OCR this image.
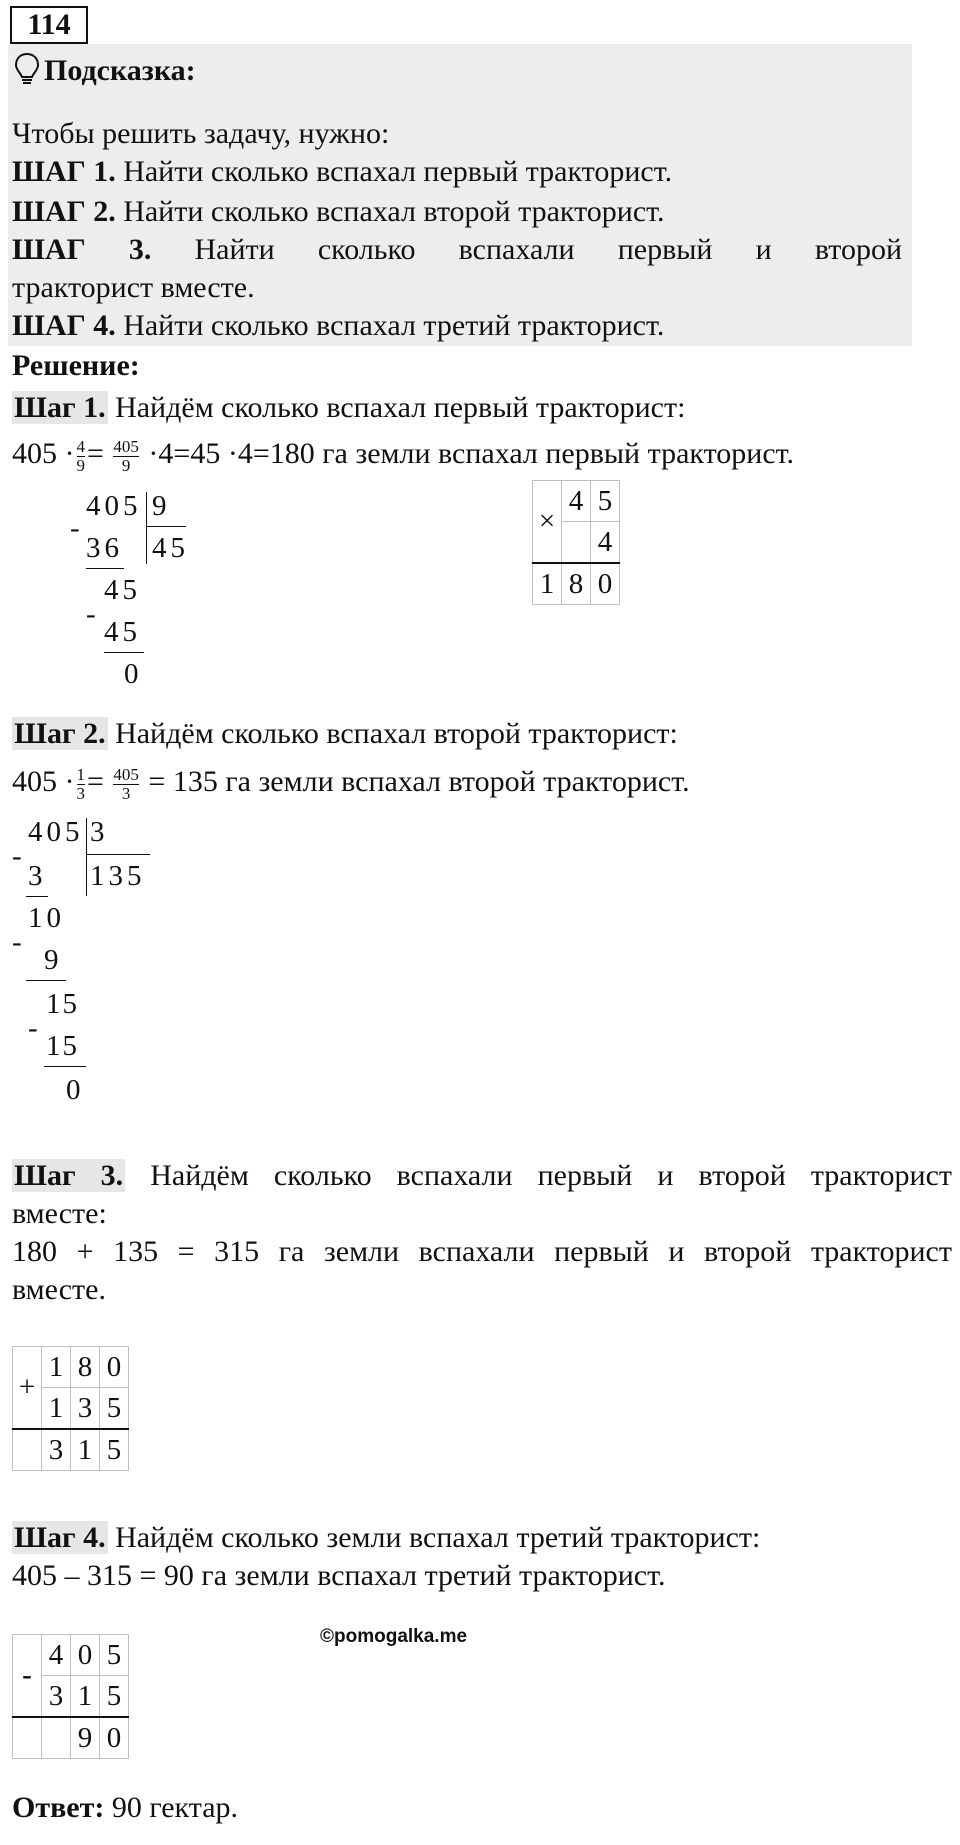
114
Подсказка:
Чтобы решить задачу, нужно:
ШАГ 1. Найти сколько вспахал первый тракторист.
ШАГ 2. Найти сколько вспахал второй тракторист.
ШАГ 3. Найти сколько вспахали первый и второй
тракторист вместе.
ШАГ 4. Найти сколько вспахал третий тракторист.
Решение:
Шаг 1. Найдём сколько вспахал первый тракторист:
$405 \cdot \frac{4}{9} = \frac{405}{9} \cdot 4=45 \cdot 4=180$ га земли вспахал первый тракторист.
405 9
45
-
36
45
-
45
0
×	4	5
		4
1	8	0
Шаг 2. Найдём сколько вспахал второй тракторист:
$405 \cdot \frac{1}{3} = \frac{405}{3} = 135$ га земли вспахал второй тракторист.
405 3
135
-
3
10
-
9
15
-
15
0
Шаг 3. Найдём сколько вспахали первый и второй тракторист
вместе:
180 + 135 = 315 га земли вспахали первый и второй тракторист
вместе.
+	1	8	0
	1	3	5
	3	1	5
Шаг 4. Найдём сколько земли вспахал третий тракторист:
405 – 315 = 90 га земли вспахал третий тракторист.
-	4	0	5
	3	1	5
		9	0
©pomogalka.me
Ответ: 90 гектар.
